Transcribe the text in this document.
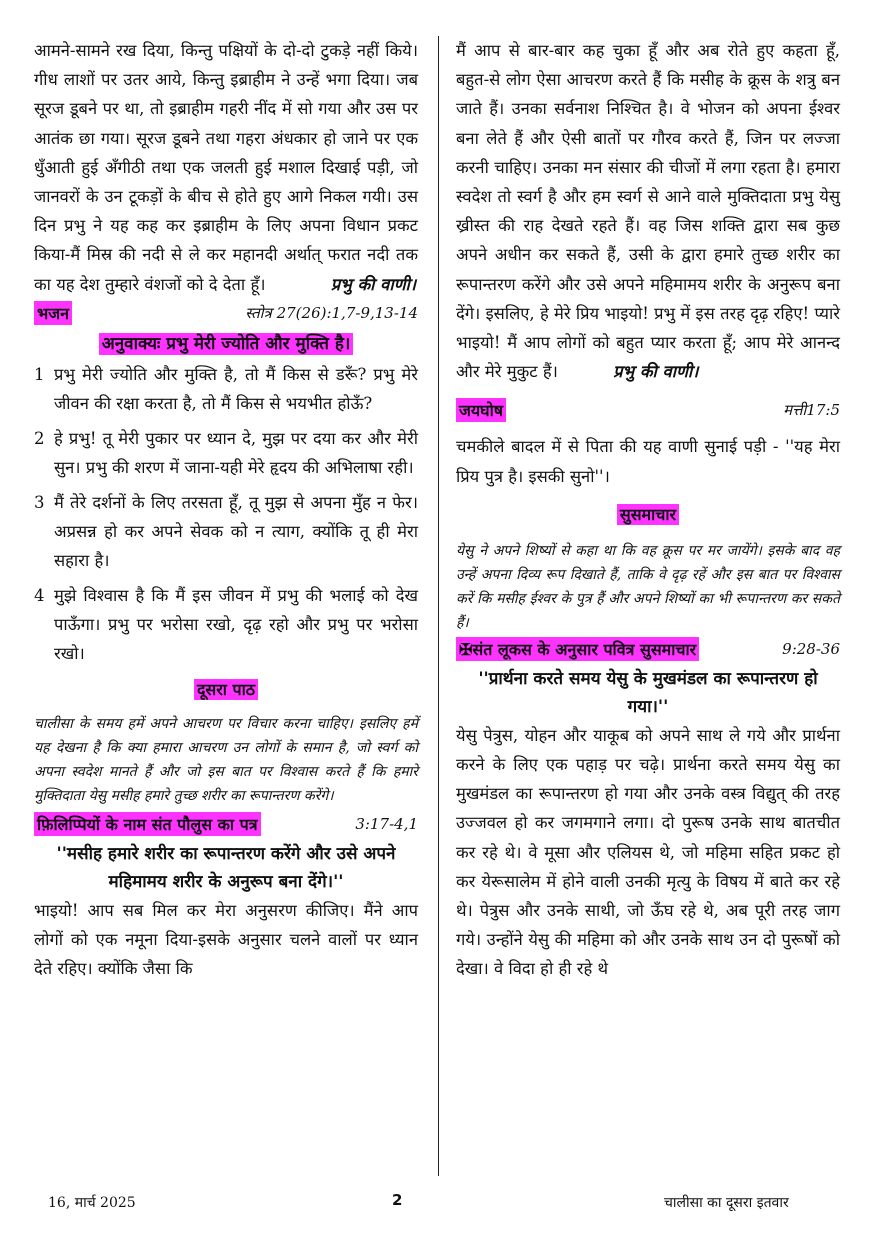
आमने-सामने रख दिया, किन्तु पक्षियों के दो-दो टुकड़े नहीं किये। गीध लाशों पर उतर आये, किन्तु इब्राहीम ने उन्हें भगा दिया। जब सूरज डूबने पर था, तो इब्राहीम गहरी नींद में सो गया और उस पर आतंक छा गया। सूरज डूबने तथा गहरा अंधकार हो जाने पर एक धुँआती हुई अँगीठी तथा एक जलती हुई मशाल दिखाई पड़ी, जो जानवरों के उन टूकड़ों के बीच से होते हुए आगे निकल गयी। उस दिन प्रभु ने यह कह कर इब्राहीम के लिए अपना विधान प्रकट किया-मैं मिस्र की नदी से ले कर महानदी अर्थात् फरात नदी तक का यह देश तुम्हारे वंशजों को दे देता हूँ।	प्रभु की वाणी।

भजन	स्तोत्र 27(26):1,7-9,13-14
अनुवाक्यः प्रभु मेरी ज्योति और मुक्ति है।
1 प्रभु मेरी ज्योति और मुक्ति है, तो मैं किस से डरूँ? प्रभु मेरे जीवन की रक्षा करता है, तो मैं किस से भयभीत होऊँ?
2 हे प्रभु! तू मेरी पुकार पर ध्यान दे, मुझ पर दया कर और मेरी सुन। प्रभु की शरण में जाना-यही मेरे हृदय की अभिलाषा रही।
3 मैं तेरे दर्शनों के लिए तरसता हूँ, तू मुझ से अपना मुँह न फेर। अप्रसन्न हो कर अपने सेवक को न त्याग, क्योंकि तू ही मेरा सहारा है।
4 मुझे विश्वास है कि मैं इस जीवन में प्रभु की भलाई को देख पाऊँगा। प्रभु पर भरोसा रखो, दृढ़ रहो और प्रभु पर भरोसा रखो।
दूसरा पाठ

चालीसा के समय हमें अपने आचरण पर विचार करना चाहिए। इसलिए हमें यह देखना है कि क्या हमारा आचरण उन लोगों के समान है, जो स्वर्ग को अपना स्वदेश मानते हैं और जो इस बात पर विश्वास करते हैं कि हमारे मुक्तिदाता येसु मसीह हमारे तुच्छ शरीर का रूपान्तरण करेंगे।

फ़िलिप्पियों के नाम संत पौलुस का पत्र	3:17-4,1

''मसीह हमारे शरीर का रूपान्तरण करेंगे और उसे अपने महिमामय शरीर के अनुरूप बना देंगे।''

भाइयो! आप सब मिल कर मेरा अनुसरण कीजिए। मैंने आप लोगों को एक नमूना दिया-इसके अनुसार चलने वालों पर ध्यान देते रहिए। क्योंकि जैसा कि

मैं आप से बार-बार कह चुका हूँ और अब रोते हुए कहता हूँ, बहुत-से लोग ऐसा आचरण करते हैं कि मसीह के क्रूस के शत्रु बन जाते हैं। उनका सर्वनाश निश्चित है। वे भोजन को अपना ईश्वर बना लेते हैं और ऐसी बातों पर गौरव करते हैं, जिन पर लज्जा करनी चाहिए। उनका मन संसार की चीजों में लगा रहता है। हमारा स्वदेश तो स्वर्ग है और हम स्वर्ग से आने वाले मुक्तिदाता प्रभु येसु ख्रीस्त की राह देखते रहते हैं। वह जिस शक्ति द्वारा सब कुछ अपने अधीन कर सकते हैं, उसी के द्वारा हमारे तुच्छ शरीर का रूपान्तरण करेंगे और उसे अपने महिमामय शरीर के अनुरूप बना देंगे। इसलिए, हे मेरे प्रिय भाइयो! प्रभु में इस तरह दृढ़ रहिए! प्यारे भाइयो! मैं आप लोगों को बहुत प्यार करता हूँ; आप मेरे आनन्द और मेरे मुकुट हैं।	प्रभु की वाणी।

जयघोष	मत्ती17:5

चमकीले बादल में से पिता की यह वाणी सुनाई पड़ी - ''यह मेरा प्रिय पुत्र है। इसकी सुनो''।

सुसमाचार

येसु ने अपने शिष्यों से कहा था कि वह क्रूस पर मर जायेंगे। इसके बाद वह उन्हें अपना दिव्य रूप दिखाते हैं, ताकि वे दृढ़ रहें और इस बात पर विश्वास करें कि मसीह ईश्वर के पुत्र हैं और अपने शिष्यों का भी रूपान्तरण कर सकते हैं।

✠संत लूकस के अनुसार पवित्र सुसमाचार	9:28-36

''प्रार्थना करते समय येसु के मुखमंडल का रूपान्तरण हो गया।''

येसु पेत्रुस, योहन और याकूब को अपने साथ ले गये और प्रार्थना करने के लिए एक पहाड़ पर चढ़े। प्रार्थना करते समय येसु का मुखमंडल का रूपान्तरण हो गया और उनके वस्त्र विद्युत् की तरह उज्जवल हो कर जगमगाने लगा। दो पुरूष उनके साथ बातचीत कर रहे थे। वे मूसा और एलियस थे, जो महिमा सहित प्रकट हो कर येरूसालेम में होने वाली उनकी मृत्यु के विषय में बाते कर रहे थे। पेत्रुस और उनके साथी, जो ऊँघ रहे थे, अब पूरी तरह जाग गये। उन्होंने येसु की महिमा को और उनके साथ उन दो पुरूषों को देखा। वे विदा हो ही रहे थे

16, मार्च 2025	2	चालीसा का दूसरा इतवार
